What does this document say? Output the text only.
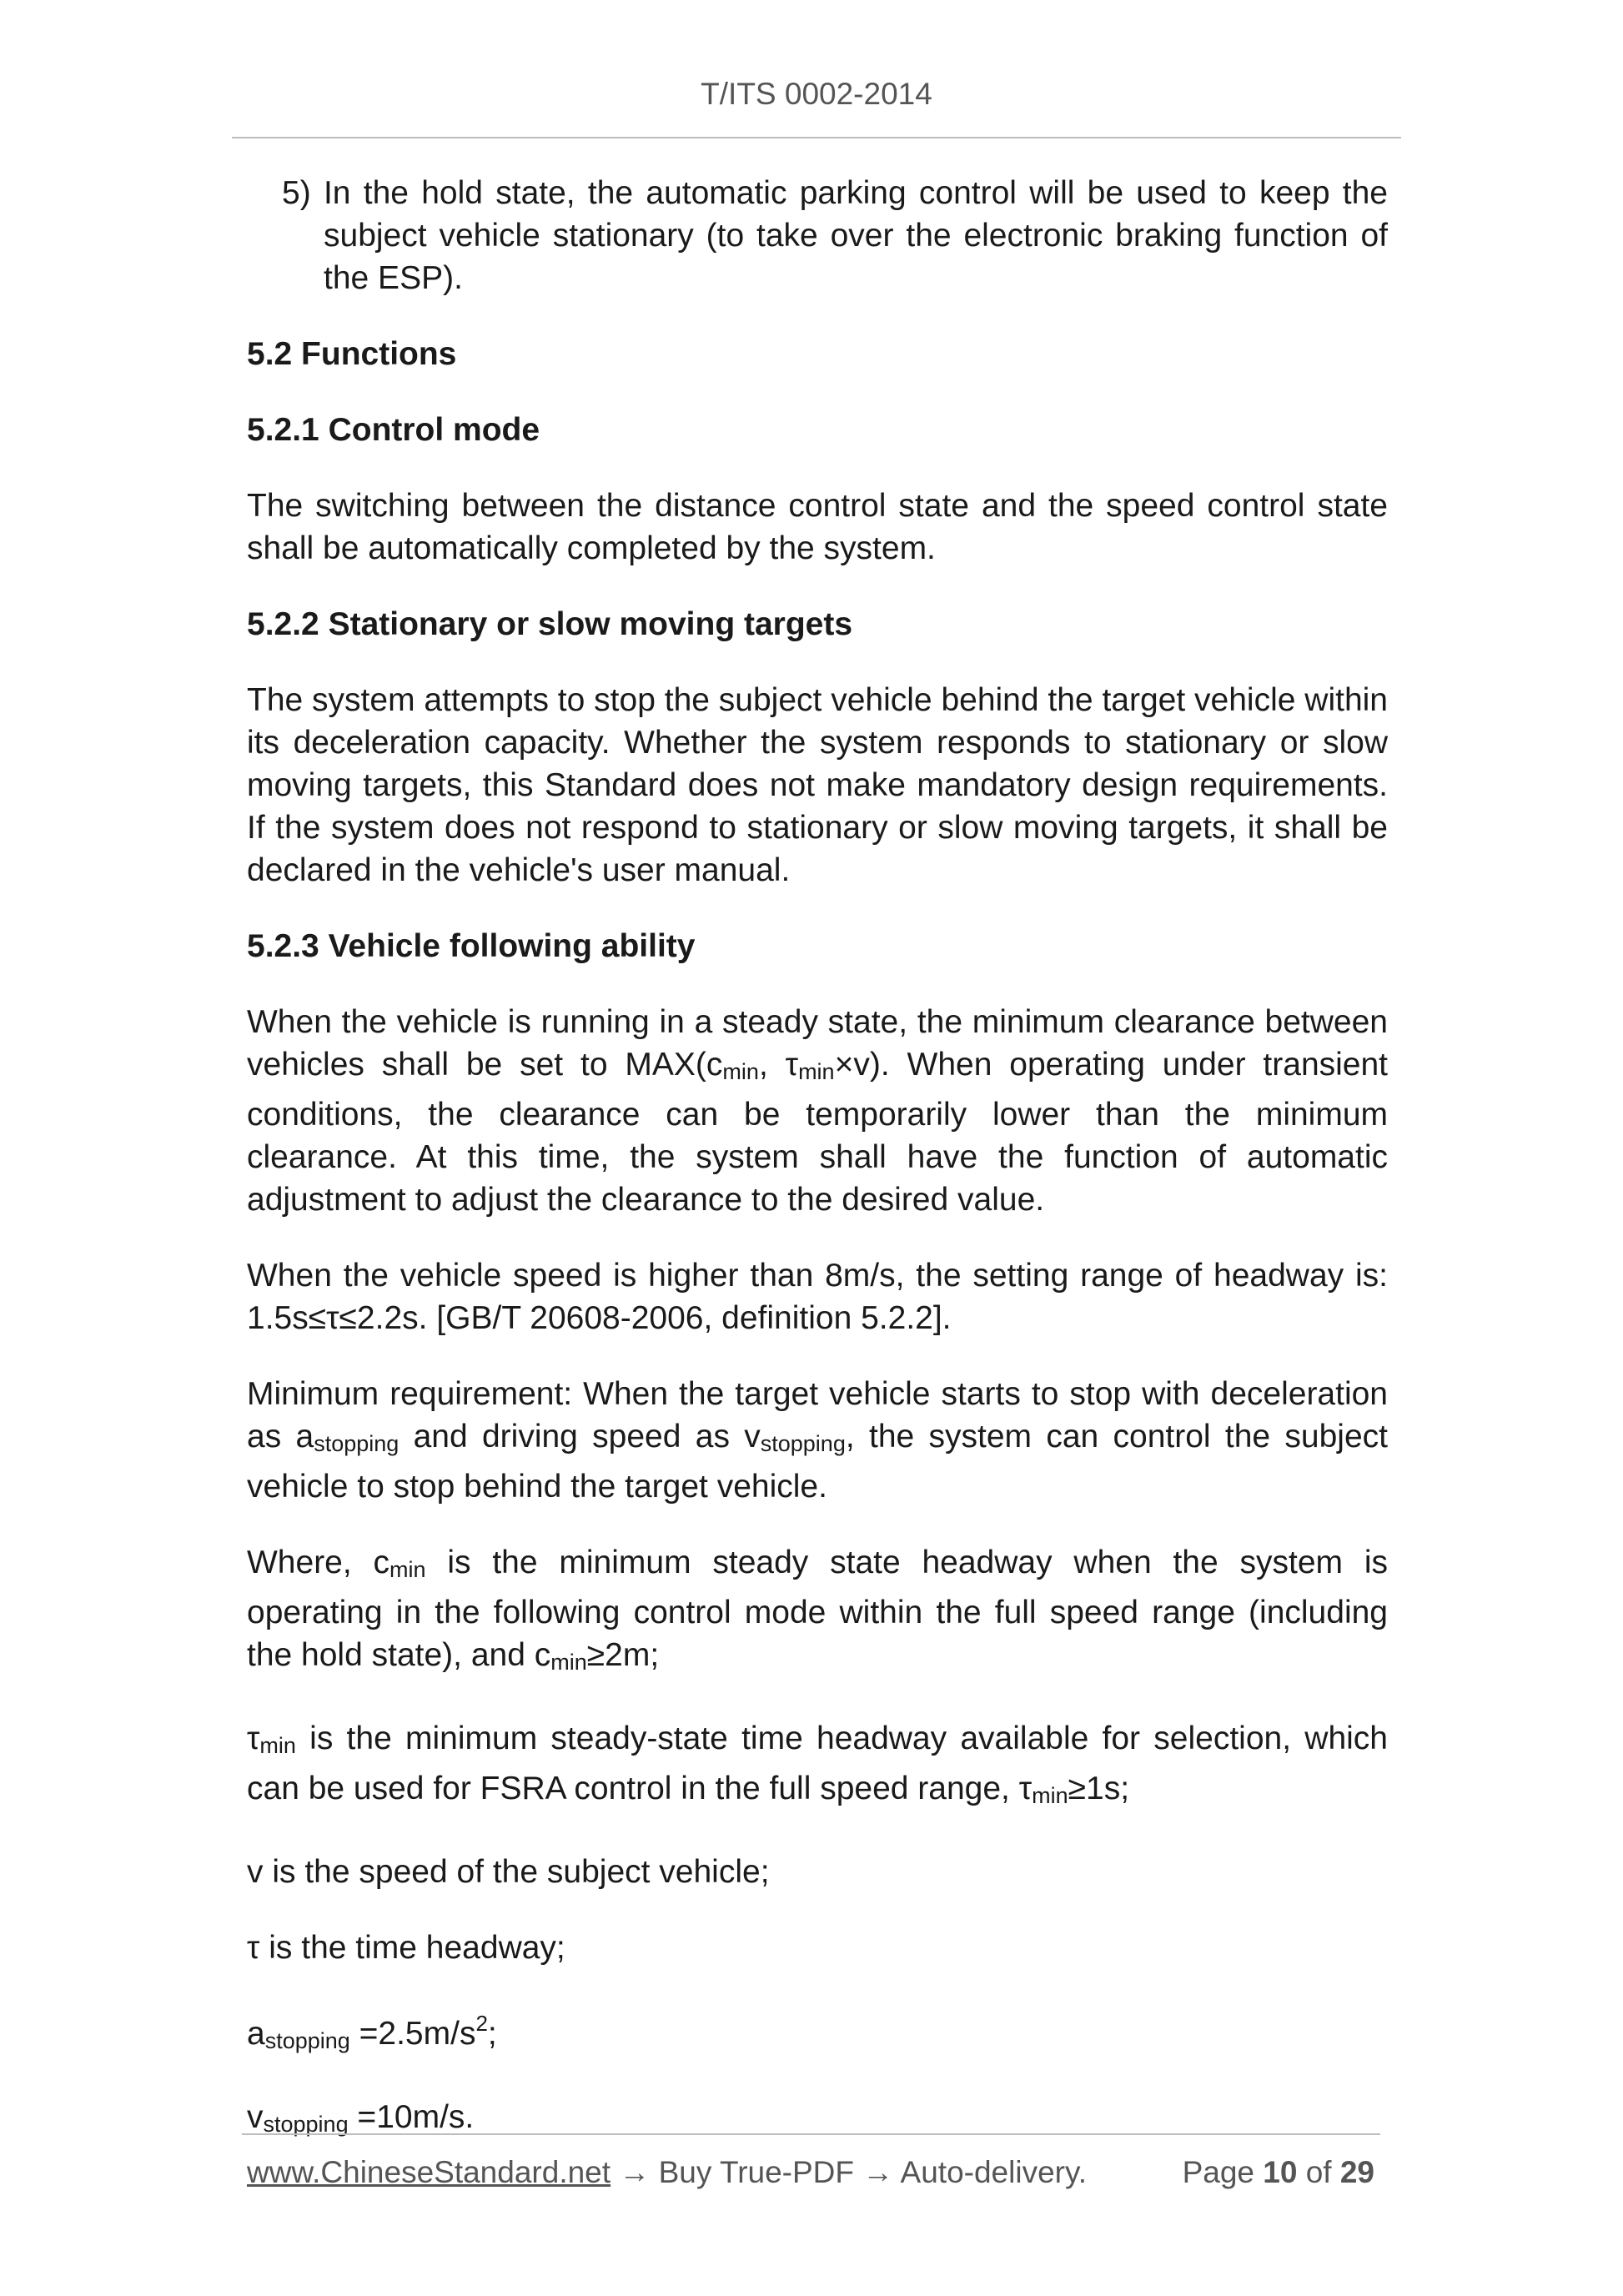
T/ITS 0002-2014

5) In the hold state, the automatic parking control will be used to keep the subject vehicle stationary (to take over the electronic braking function of the ESP).

5.2 Functions
5.2.1 Control mode

The switching between the distance control state and the speed control state shall be automatically completed by the system.

5.2.2 Stationary or slow moving targets

The system attempts to stop the subject vehicle behind the target vehicle within its deceleration capacity. Whether the system responds to stationary or slow moving targets, this Standard does not make mandatory design requirements. If the system does not respond to stationary or slow moving targets, it shall be declared in the vehicle's user manual.

5.2.3 Vehicle following ability

When the vehicle is running in a steady state, the minimum clearance between vehicles shall be set to MAX(cmin, τmin×v). When operating under transient conditions, the clearance can be temporarily lower than the minimum clearance. At this time, the system shall have the function of automatic adjustment to adjust the clearance to the desired value.

When the vehicle speed is higher than 8m/s, the setting range of headway is: 1.5s≤τ≤2.2s. [GB/T 20608-2006, definition 5.2.2].

Minimum requirement: When the target vehicle starts to stop with deceleration as astopping and driving speed as vstopping, the system can control the subject vehicle to stop behind the target vehicle.

Where, cmin is the minimum steady state headway when the system is operating in the following control mode within the full speed range (including the hold state), and cmin≥2m;

τmin is the minimum steady-state time headway available for selection, which can be used for FSRA control in the full speed range, τmin≥1s;

v is the speed of the subject vehicle;

τ is the time headway;

astopping $=2.5m/s^2$;

vstopping =10m/s.

www.ChineseStandard.net → Buy True-PDF → Auto-delivery.	Page 10 of 29
